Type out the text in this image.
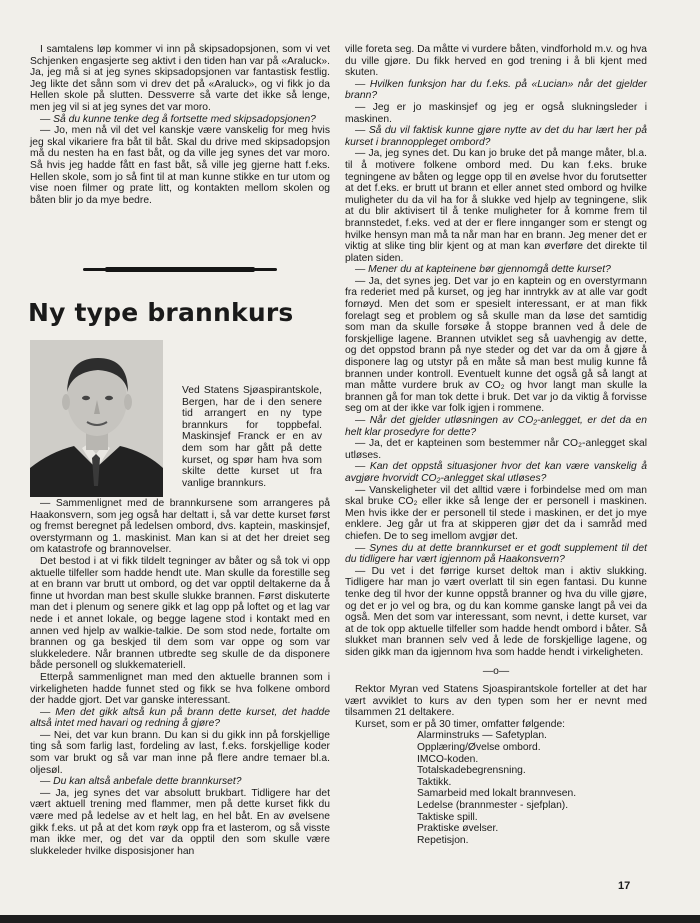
I samtalens løp kommer vi inn på skipsadopsjonen, som vi vet Schjenken engasjerte seg aktivt i den tiden han var på «Araluck». Ja, jeg må si at jeg synes skipsadopsjonen var fantastisk festlig. Jeg likte det sånn som vi drev det på «Araluck», og vi fikk jo da Hellen skole på slutten. Dessverre så varte det ikke så lenge, men jeg vil si at jeg synes det var moro.

— Så du kunne tenke deg å fortsette med skipsadopsjonen?

— Jo, men nå vil det vel kanskje være vanskelig for meg hvis jeg skal vikariere fra båt til båt. Skal du drive med skipsadopsjon må du nesten ha en fast båt, og da ville jeg synes det var moro. Så hvis jeg hadde fått en fast båt, så ville jeg gjerne hatt f.eks. Hellen skole, som jo så fint til at man kunne stikke en tur utom og vise noen filmer og prate litt, og kontakten mellom skolen og båten blir jo da mye bedre.

Ny type brannkurs
Ved Statens Sjøaspirantskole, Bergen, har de i den senere tid arrangert en ny type brannkurs for toppbefal. Maskinsjef Franck er en av dem som har gått på dette kurset, og spør ham hva som skilte dette kurset ut fra vanlige brannkurs.

— Sammenlignet med de brannkursene som arrangeres på Haakonsvern, som jeg også har deltatt i, så var dette kurset først og fremst beregnet på ledelsen ombord, dvs. kaptein, maskinsjef, overstyrmann og 1. maskinist. Man kan si at det her dreiet seg om katastrofe og brannovelser.

Det bestod i at vi fikk tildelt tegninger av båter og så tok vi opp aktuelle tilfeller som hadde hendt ute. Man skulle da forestille seg at en brann var brutt ut ombord, og det var opptil deltakerne da å finne ut hvordan man best skulle slukke brannen. Først diskuterte man det i plenum og senere gikk et lag opp på loftet og et lag var nede i et annet lokale, og begge lagene stod i kontakt med en annen ved hjelp av walkie-talkie. De som stod nede, fortalte om brannen og ga beskjed til dem som var oppe og som var slukkeledere. Når brannen utbredte seg skulle de da disponere både personell og slukkemateriell.

Etterpå sammenlignet man med den aktuelle brannen som i virkeligheten hadde funnet sted og fikk se hva folkene ombord der hadde gjort. Det var ganske interessant.

— Men det gikk altså kun på brann dette kurset, det hadde altså intet med havari og redning å gjøre?

— Nei, det var kun brann. Du kan si du gikk inn på forskjellige ting så som farlig last, fordeling av last, f.eks. forskjellige koder som var brukt og så var man inne på flere andre temaer bl.a. oljesøl.

— Du kan altså anbefale dette brannkurset?

— Ja, jeg synes det var absolutt brukbart. Tidligere har det vært aktuell trening med flammer, men på dette kurset fikk du være med på ledelse av et helt lag, en hel båt. En av øvelsene gikk f.eks. ut på at det kom røyk opp fra et lasterom, og så visste man ikke mer, og det var da opptil den som skulle være slukkeleder hvilke disposisjoner han

ville foreta seg. Da måtte vi vurdere båten, vindforhold m.v. og hva du ville gjøre. Du fikk herved en god trening i å bli kjent med skuten.

— Hvilken funksjon har du f.eks. på «Lucian» når det gjelder brann?

— Jeg er jo maskinsjef og jeg er også slukningsleder i maskinen.

— Så du vil faktisk kunne gjøre nytte av det du har lært her på kurset i brannoppleget ombord?

— Ja, jeg synes det. Du kan jo bruke det på mange måter, bl.a. til å motivere folkene ombord med. Du kan f.eks. bruke tegningene av båten og legge opp til en øvelse hvor du forutsetter at det f.eks. er brutt ut brann et eller annet sted ombord og hvilke muligheter du da vil ha for å slukke ved hjelp av tegningene, slik at du blir aktivisert til å tenke muligheter for å komme frem til brannstedet, f.eks. ved at der er flere innganger som er stengt og hvilke hensyn man må ta når man har en brann. Jeg mener det er viktig at slike ting blir kjent og at man kan øverføre det direkte til platen siden.

— Mener du at kapteinene bør gjennomgå dette kurset?

— Ja, det synes jeg. Det var jo en kaptein og en overstyrmann fra rederiet med på kurset, og jeg har inntrykk av at alle var godt fornøyd. Men det som er spesielt interessant, er at man fikk forelagt seg et problem og så skulle man da løse det samtidig som man da skulle forsøke å stoppe brannen ved å dele de forskjellige lagene. Brannen utviklet seg så uavhengig av dette, og det oppstod brann på nye steder og det var da om å gjøre å disponere lag og utstyr på en måte så man best mulig kunne få brannen under kontroll. Eventuelt kunne det også gå så langt at man måtte vurdere bruk av CO₂ og hvor langt man skulle la brannen gå for man tok dette i bruk. Det var jo da viktig å forvisse seg om at der ikke var folk igjen i rommene.

— Når det gjelder utløsningen av CO₂-anlegget, er det da en helt klar prosedyre for dette?

— Ja, det er kapteinen som bestemmer når CO₂-anlegget skal utløses.

— Kan det oppstå situasjoner hvor det kan være vanskelig å avgjøre hvorvidt CO₂-anlegget skal utløses?

— Vanskeligheter vil det alltid være i forbindelse med om man skal bruke CO₂ eller ikke så lenge der er personell i maskinen. Men hvis ikke der er personell til stede i maskinen, er det jo mye enklere. Jeg går ut fra at skipperen gjør det da i samråd med chiefen. De to seg imellom avgjør det.

— Synes du at dette brannkurset er et godt supplement til det du tidligere har vært igjennom på Haakonsvern?

— Du vet i det førrige kurset deltok man i aktiv slukking. Tidligere har man jo vært overlatt til sin egen fantasi. Du kunne tenke deg til hvor der kunne oppstå branner og hva du ville gjøre, og det er jo vel og bra, og du kan komme ganske langt på vei da også. Men det som var interessant, som nevnt, i dette kurset, var at de tok opp aktuelle tilfeller som hadde hendt ombord i båter. Så slukket man brannen selv ved å lede de forskjellige lagene, og siden gikk man da igjennom hva som hadde hendt i virkeligheten.

—o—

Rektor Myran ved Statens Sjoaspirantskole forteller at det har vært avviklet to kurs av den typen som her er nevnt med tilsammen 21 deltakere.

Kurset, som er på 30 timer, omfatter følgende:

Alarminstruks — Safetyplan.
Opplæring/Øvelse ombord.
IMCO-koden.
Totalskadebegrensning.
Taktikk.
Samarbeid med lokalt brannvesen.
Ledelse (brannmester - sjefplan).
Taktiske spill.
Praktiske øvelser.
Repetisjon.
17
